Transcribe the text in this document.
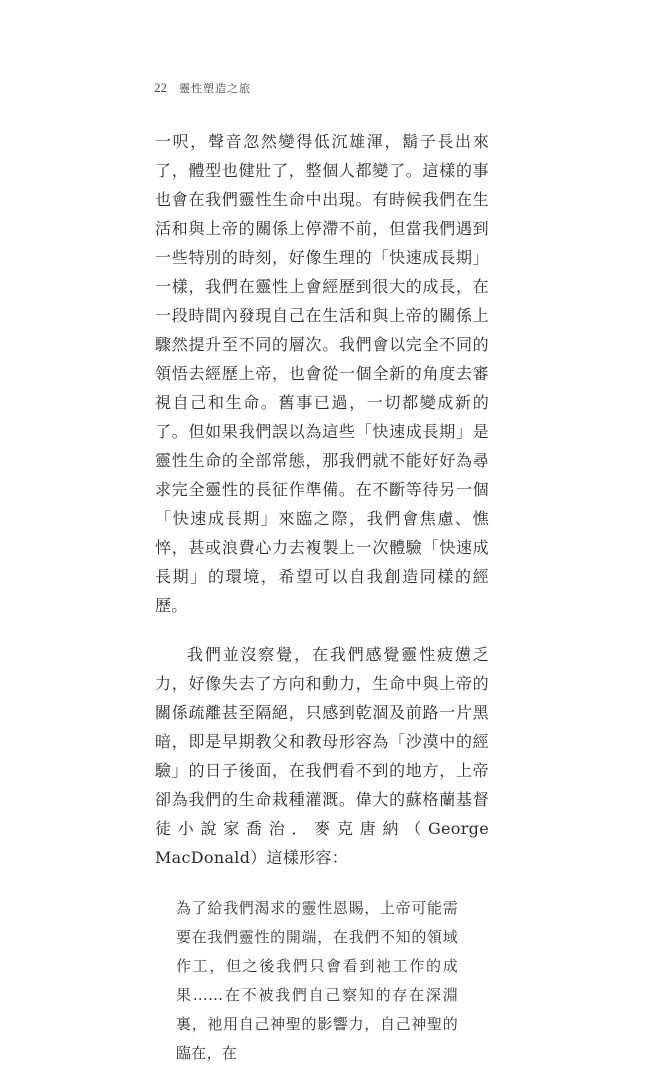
22 靈性塑造之旅

一呎，聲音忽然變得低沉雄渾，鬍子長出來了，體型也健壯了，整個人都變了。這樣的事也會在我們靈性生命中出現。有時候我們在生活和與上帝的關係上停滯不前，但當我們遇到一些特別的時刻，好像生理的「快速成長期」一樣，我們在靈性上會經歷到很大的成長，在一段時間內發現自己在生活和與上帝的關係上驟然提升至不同的層次。我們會以完全不同的領悟去經歷上帝，也會從一個全新的角度去審視自己和生命。舊事已過，一切都變成新的了。但如果我們誤以為這些「快速成長期」是靈性生命的全部常態，那我們就不能好好為尋求完全靈性的長征作準備。在不斷等待另一個「快速成長期」來臨之際，我們會焦慮、憔悴，甚或浪費心力去複製上一次體驗「快速成長期」的環境，希望可以自我創造同樣的經歷。

我們並沒察覺，在我們感覺靈性疲憊乏力，好像失去了方向和動力，生命中與上帝的關係疏離甚至隔絕，只感到乾涸及前路一片黑暗，即是早期教父和教母形容為「沙漠中的經驗」的日子後面，在我們看不到的地方，上帝卻為我們的生命栽種灌溉。偉大的蘇格蘭基督徒小說家喬治．麥克唐納（George MacDonald）這樣形容：

為了給我們渴求的靈性恩賜，上帝可能需要在我們靈性的開端，在我們不知的領域作工，但之後我們只會看到祂工作的成果……在不被我們自己察知的存在深淵裏，祂用自己神聖的影響力，自己神聖的臨在，在
